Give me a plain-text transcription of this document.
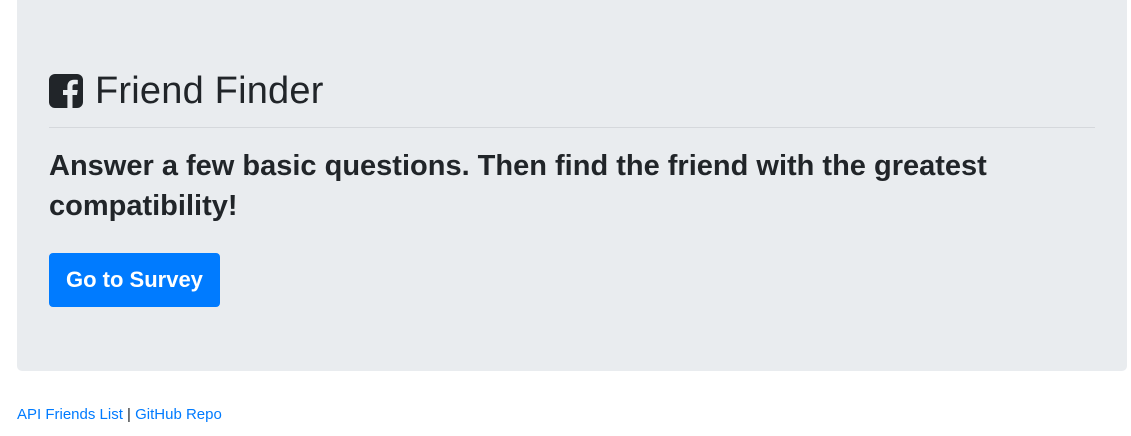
Friend Finder
Answer a few basic questions. Then find the friend with the greatest compatibility!
Go to Survey
API Friends List | GitHub Repo
